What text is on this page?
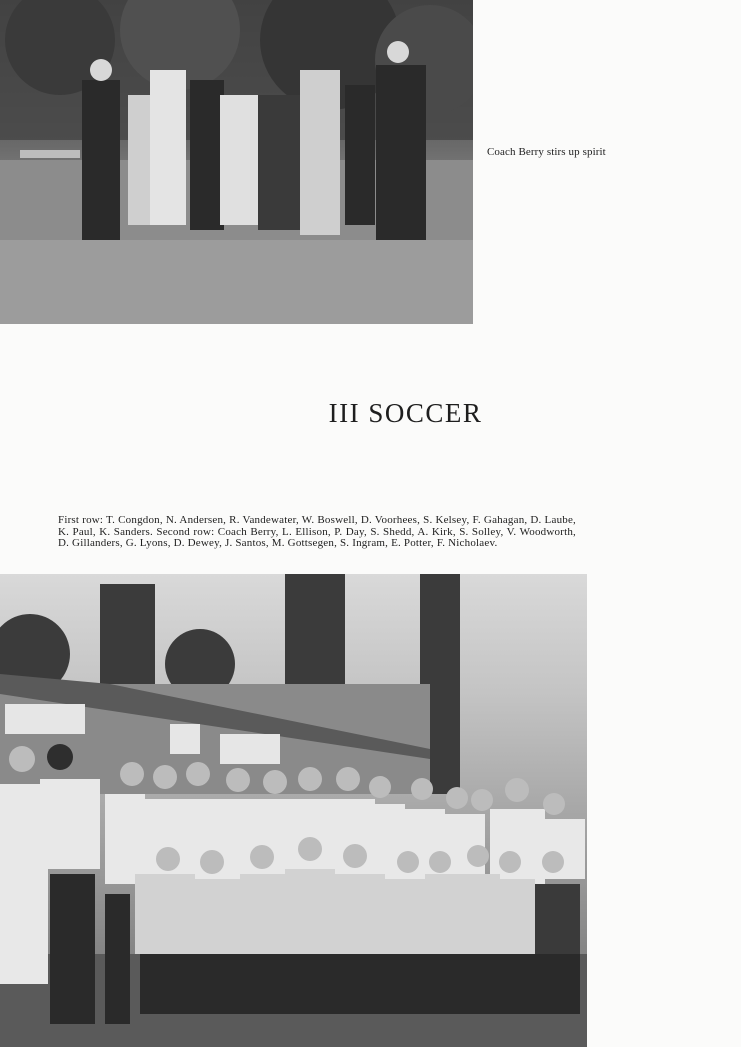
Coach Berry stirs up spirit
III SOCCER
First row: T. Congdon, N. Andersen, R. Vandewater, W. Boswell, D. Voorhees, S. Kelsey, F. Gahagan, D. Laube, K. Paul, K. Sanders. Second row: Coach Berry, L. Ellison, P. Day, S. Shedd, A. Kirk, S. Solley, V. Woodworth, D. Gillanders, G. Lyons, D. Dewey, J. Santos, M. Gottsegen, S. Ingram, E. Potter, F. Nicholaev.
